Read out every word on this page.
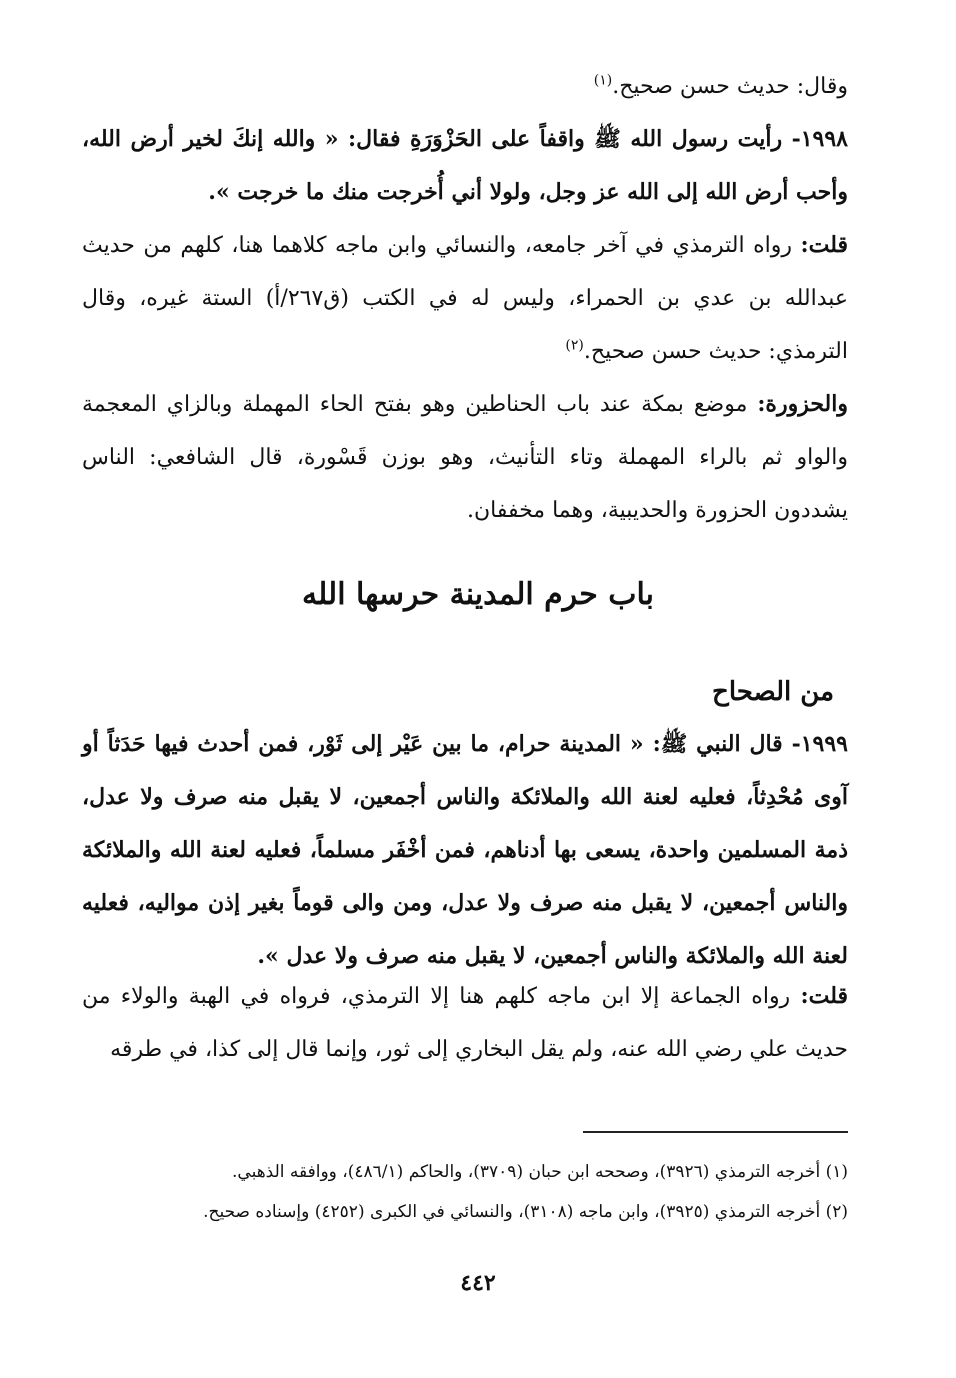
وقال: حديث حسن صحيح.$^{(١)}$

١٩٩٨- رأيت رسول الله ﷺ واقفاً على الحَزْوَرَةِ فقال: « والله إنكَ لخير أرض الله، وأحب أرض الله إلى الله عز وجل، ولولا أني أُخرجت منك ما خرجت ».

قلت: رواه الترمذي في آخر جامعه، والنسائي وابن ماجه كلاهما هنا، كلهم من حديث عبدالله بن عدي بن الحمراء، وليس له في الكتب (ق٢٦٧/أ) الستة غيره، وقال الترمذي: حديث حسن صحيح.$^{(٢)}$

والحزورة: موضع بمكة عند باب الحناطين وهو بفتح الحاء المهملة وبالزاي المعجمة والواو ثم بالراء المهملة وتاء التأنيث، وهو بوزن قَسْورة، قال الشافعي: الناس يشددون الحزورة والحديبية، وهما مخففان.

باب حرم المدينة حرسها الله
من الصحاح

١٩٩٩- قال النبي ﷺ: « المدينة حرام، ما بين عَيْر إلى ثَوْر، فمن أحدث فيها حَدَثاً أو آوى مُحْدِثاً، فعليه لعنة الله والملائكة والناس أجمعين، لا يقبل منه صرف ولا عدل، ذمة المسلمين واحدة، يسعى بها أدناهم، فمن أخْفَر مسلماً، فعليه لعنة الله والملائكة والناس أجمعين، لا يقبل منه صرف ولا عدل، ومن والى قوماً بغير إذن مواليه، فعليه لعنة الله والملائكة والناس أجمعين، لا يقبل منه صرف ولا عدل ».

قلت: رواه الجماعة إلا ابن ماجه كلهم هنا إلا الترمذي، فرواه في الهبة والولاء من حديث علي رضي الله عنه، ولم يقل البخاري إلى ثور، وإنما قال إلى كذا، في طرقه

(١) أخرجه الترمذي (٣٩٢٦)، وصححه ابن حبان (٣٧٠٩)، والحاكم (٤٨٦/١)، ووافقه الذهبي.

(٢) أخرجه الترمذي (٣٩٢٥)، وابن ماجه (٣١٠٨)، والنسائي في الكبرى (٤٢٥٢) وإسناده صحيح.

٤٤٢
